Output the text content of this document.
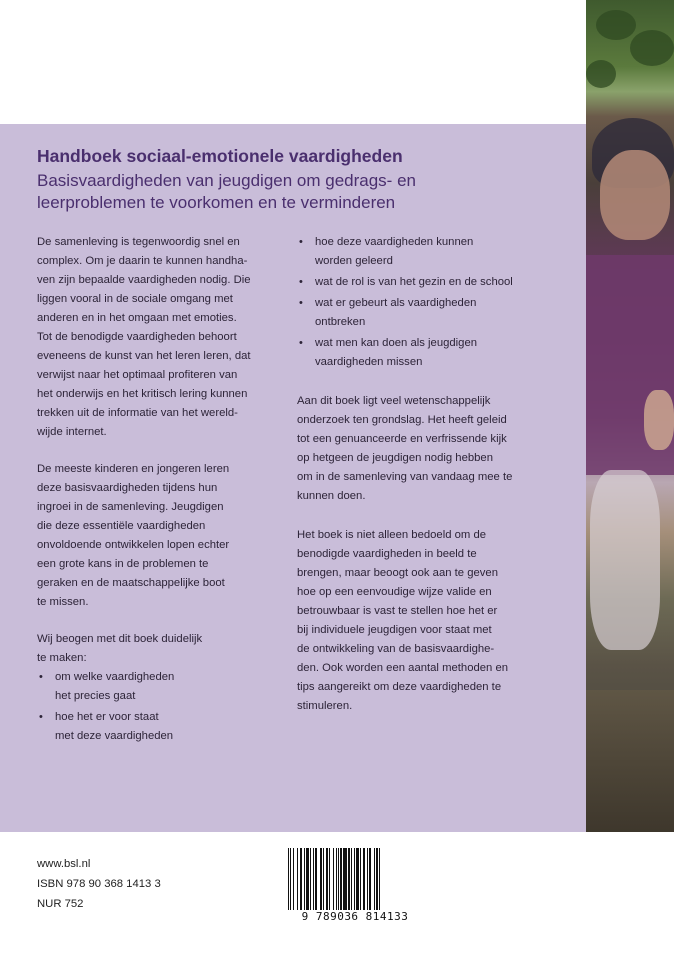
Handboek sociaal-emotionele vaardigheden
Basisvaardigheden van jeugdigen om gedrags- en
leerproblemen te voorkomen en te verminderen
De samenleving is tegenwoordig snel en
complex. Om je daarin te kunnen handha-
ven zijn bepaalde vaardigheden nodig. Die
liggen vooral in de sociale omgang met
anderen en in het omgaan met emoties.
Tot de benodigde vaardigheden behoort
eveneens de kunst van het leren leren, dat
verwijst naar het optimaal profiteren van
het onderwijs en het kritisch lering kunnen
trekken uit de informatie van het wereld-
wijde internet.
De meeste kinderen en jongeren leren
deze basisvaardigheden tijdens hun
ingroei in de samenleving. Jeugdigen
die deze essentiële vaardigheden
onvoldoende ontwikkelen lopen echter
een grote kans in de problemen te
geraken en de maatschappelijke boot
te missen.
Wij beogen met dit boek duidelijk
te maken:
• om welke vaardigheden
het precies gaat
• hoe het er voor staat
met deze vaardigheden
• hoe deze vaardigheden kunnen
worden geleerd
• wat de rol is van het gezin en de school
• wat er gebeurt als vaardigheden
ontbreken
• wat men kan doen als jeugdigen
vaardigheden missen
Aan dit boek ligt veel wetenschappelijk
onderzoek ten grondslag. Het heeft geleid
tot een genuanceerde en verfrissende kijk
op hetgeen de jeugdigen nodig hebben
om in de samenleving van vandaag mee te
kunnen doen.
Het boek is niet alleen bedoeld om de
benodigde vaardigheden in beeld te
brengen, maar beoogt ook aan te geven
hoe op een eenvoudige wijze valide en
betrouwbaar is vast te stellen hoe het er
bij individuele jeugdigen voor staat met
de ontwikkeling van de basisvaardighe-
den. Ook worden een aantal methoden en
tips aangereikt om deze vaardigheden te
stimuleren.
www.bsl.nl
ISBN 978 90 368 1413 3
NUR 752
9 789036 814133
